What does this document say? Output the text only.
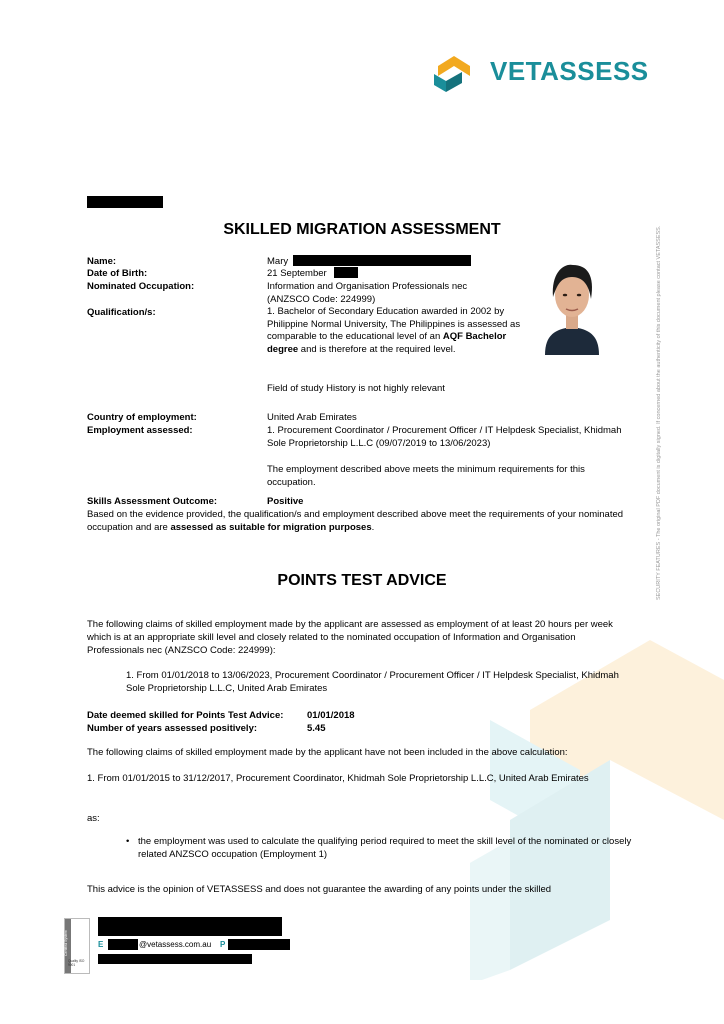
VETASSESS
SECURITY FEATURES - The original PDF document is digitally signed. If concerned about the authenticity of this document please contact VETASSESS.
SKILLED MIGRATION ASSESSMENT
Name:	Mary
Date of Birth:	21 September
Nominated Occupation:	Information and Organisation Professionals nec
(ANZSCO Code: 224999)
Qualification/s:	1. Bachelor of Secondary Education awarded in 2002 by Philippine Normal University, The Philippines is assessed as comparable to the educational level of an AQF Bachelor degree and is therefore at the required level.
Field of study History is not highly relevant
Country of employment:	United Arab Emirates
Employment assessed:	1. Procurement Coordinator / Procurement Officer / IT Helpdesk Specialist, Khidmah Sole Proprietorship L.L.C (09/07/2019 to 13/06/2023)
The employment described above meets the minimum requirements for this occupation.
Skills Assessment Outcome:	Positive
Based on the evidence provided, the qualification/s and employment described above meet the requirements of your nominated occupation and are assessed as suitable for migration purposes.
POINTS TEST ADVICE
The following claims of skilled employment made by the applicant are assessed as employment of at least 20 hours per week which is at an appropriate skill level and closely related to the nominated occupation of Information and Organisation Professionals nec (ANZSCO Code: 224999):
1. From 01/01/2018 to 13/06/2023, Procurement Coordinator / Procurement Officer / IT Helpdesk Specialist, Khidmah Sole Proprietorship L.L.C, United Arab Emirates
Date deemed skilled for Points Test Advice: 01/01/2018
Number of years assessed positively:	5.45
The following claims of skilled employment made by the applicant have not been included in the above calculation:
1. From 01/01/2015 to 31/12/2017, Procurement Coordinator, Khidmah Sole Proprietorship L.L.C, United Arab Emirates
as:
• the employment was used to calculate the qualifying period required to meet the skill level of the nominated or closely related ANZSCO occupation (Employment 1)
This advice is the opinion of VETASSESS and does not guarantee the awarding of any points under the skilled
Certified System
Quality ISO 9001
E	@vetassess.com.au P
